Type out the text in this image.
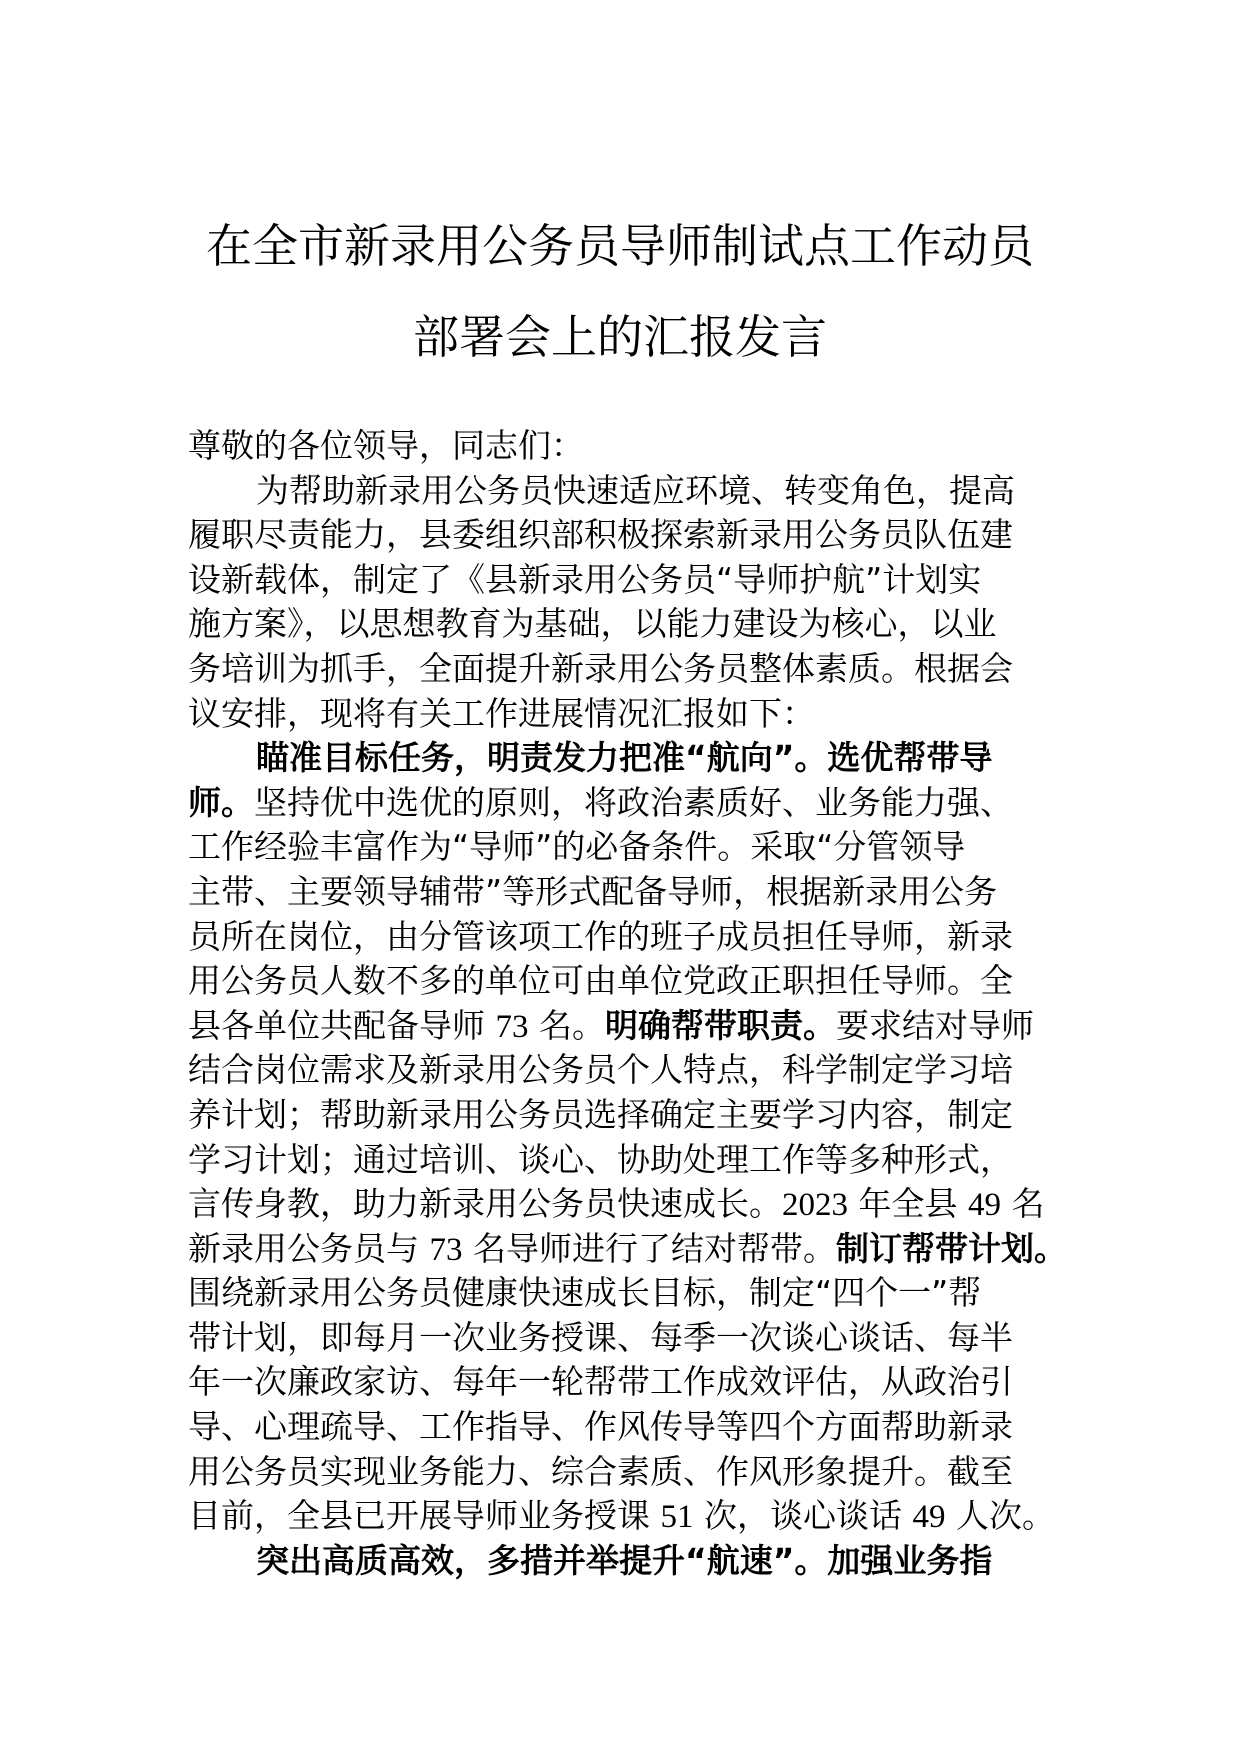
在全市新录用公务员导师制试点工作动员
部署会上的汇报发言
尊敬的各位领导，同志们：
为帮助新录用公务员快速适应环境、转变角色，提高
履职尽责能力，县委组织部积极探索新录用公务员队伍建
设新载体，制定了《县新录用公务员“导师护航”计划实
施方案》，以思想教育为基础，以能力建设为核心，以业
务培训为抓手，全面提升新录用公务员整体素质。根据会
议安排，现将有关工作进展情况汇报如下：
瞄准目标任务，明责发力把准“航向”。选优帮带导
师。坚持优中选优的原则，将政治素质好、业务能力强、
工作经验丰富作为“导师”的必备条件。采取“分管领导
主带、主要领导辅带”等形式配备导师，根据新录用公务
员所在岗位，由分管该项工作的班子成员担任导师，新录
用公务员人数不多的单位可由单位党政正职担任导师。全
县各单位共配备导师 73 名。明确帮带职责。要求结对导师
结合岗位需求及新录用公务员个人特点，科学制定学习培
养计划；帮助新录用公务员选择确定主要学习内容，制定
学习计划；通过培训、谈心、协助处理工作等多种形式，
言传身教，助力新录用公务员快速成长。2023 年全县 49 名
新录用公务员与 73 名导师进行了结对帮带。制订帮带计划。
围绕新录用公务员健康快速成长目标，制定“四个一”帮
带计划，即每月一次业务授课、每季一次谈心谈话、每半
年一次廉政家访、每年一轮帮带工作成效评估，从政治引
导、心理疏导、工作指导、作风传导等四个方面帮助新录
用公务员实现业务能力、综合素质、作风形象提升。截至
目前，全县已开展导师业务授课 51 次，谈心谈话 49 人次。
突出高质高效，多措并举提升“航速”。加强业务指
